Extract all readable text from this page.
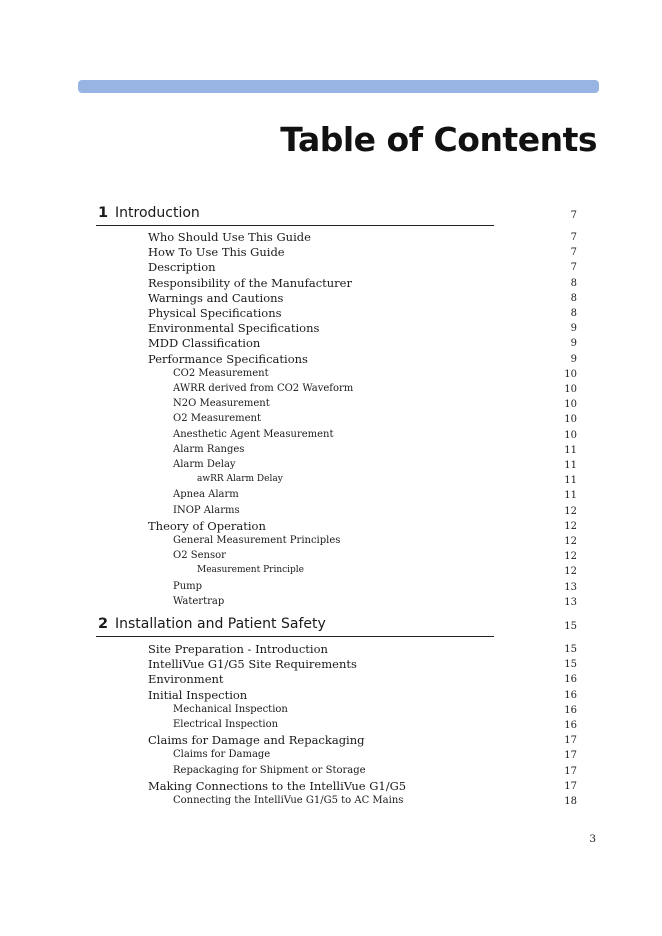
Table of Contents
1 Introduction	7
Who Should Use This Guide	7
How To Use This Guide	7
Description	7
Responsibility of the Manufacturer	8
Warnings and Cautions	8
Physical Specifications	8
Environmental Specifications	9
MDD Classification	9
Performance Specifications	9
CO2 Measurement	10
AWRR derived from CO2 Waveform	10
N2O Measurement	10
O2 Measurement	10
Anesthetic Agent Measurement	10
Alarm Ranges	11
Alarm Delay	11
awRR Alarm Delay	11
Apnea Alarm	11
INOP Alarms	12
Theory of Operation	12
General Measurement Principles	12
O2 Sensor	12
Measurement Principle	12
Pump	13
Watertrap	13
2 Installation and Patient Safety	15
Site Preparation - Introduction	15
IntelliVue G1/G5 Site Requirements	15
Environment	16
Initial Inspection	16
Mechanical Inspection	16
Electrical Inspection	16
Claims for Damage and Repackaging	17
Claims for Damage	17
Repackaging for Shipment or Storage	17
Making Connections to the IntelliVue G1/G5	17
Connecting the IntelliVue G1/G5 to AC Mains	18
3
